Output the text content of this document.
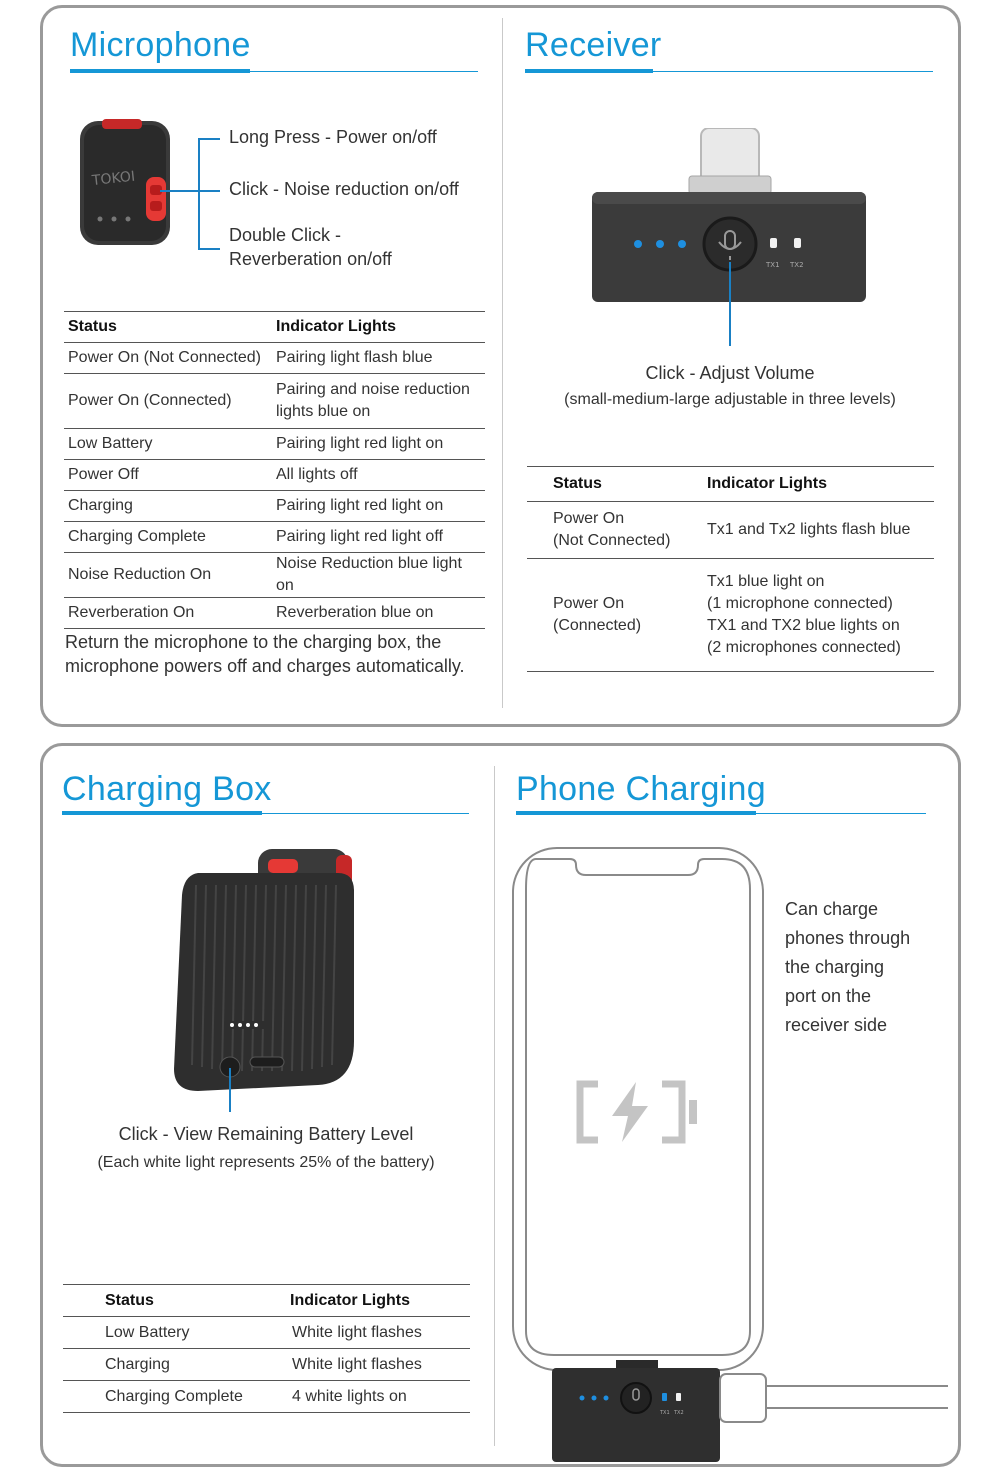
Microphone
TOKOI
Long Press - Power on/off
Click - Noise reduction on/off
Double Click -
Reverberation on/off
Status	Indicator Lights
Power On (Not Connected)	Pairing light flash blue
Power On (Connected)	Pairing and noise reduction
lights blue on
Low Battery	Pairing light red light on
Power Off	All lights off
Charging	Pairing light red light on
Charging Complete	Pairing light red light off
Noise Reduction On	Noise Reduction blue light on
Reverberation On	Reverberation blue on
Return the microphone to the charging box, the
microphone powers off and charges automatically.
Receiver
TX1 TX2
Click - Adjust Volume
(small-medium-large adjustable in three levels)
Status	Indicator Lights
Power On
(Not Connected)	Tx1 and Tx2 lights flash blue
Power On
(Connected)	Tx1 blue light on
(1 microphone connected)
TX1 and TX2 blue lights on
(2 microphones connected)
Charging Box
Click - View Remaining Battery Level
(Each white light represents 25% of the battery)
Status	Indicator Lights
Low Battery	White light flashes
Charging	White light flashes
Charging Complete	4 white lights on
Phone Charging
Can charge
phones through
the charging
port on the
receiver side
TX1 TX2
